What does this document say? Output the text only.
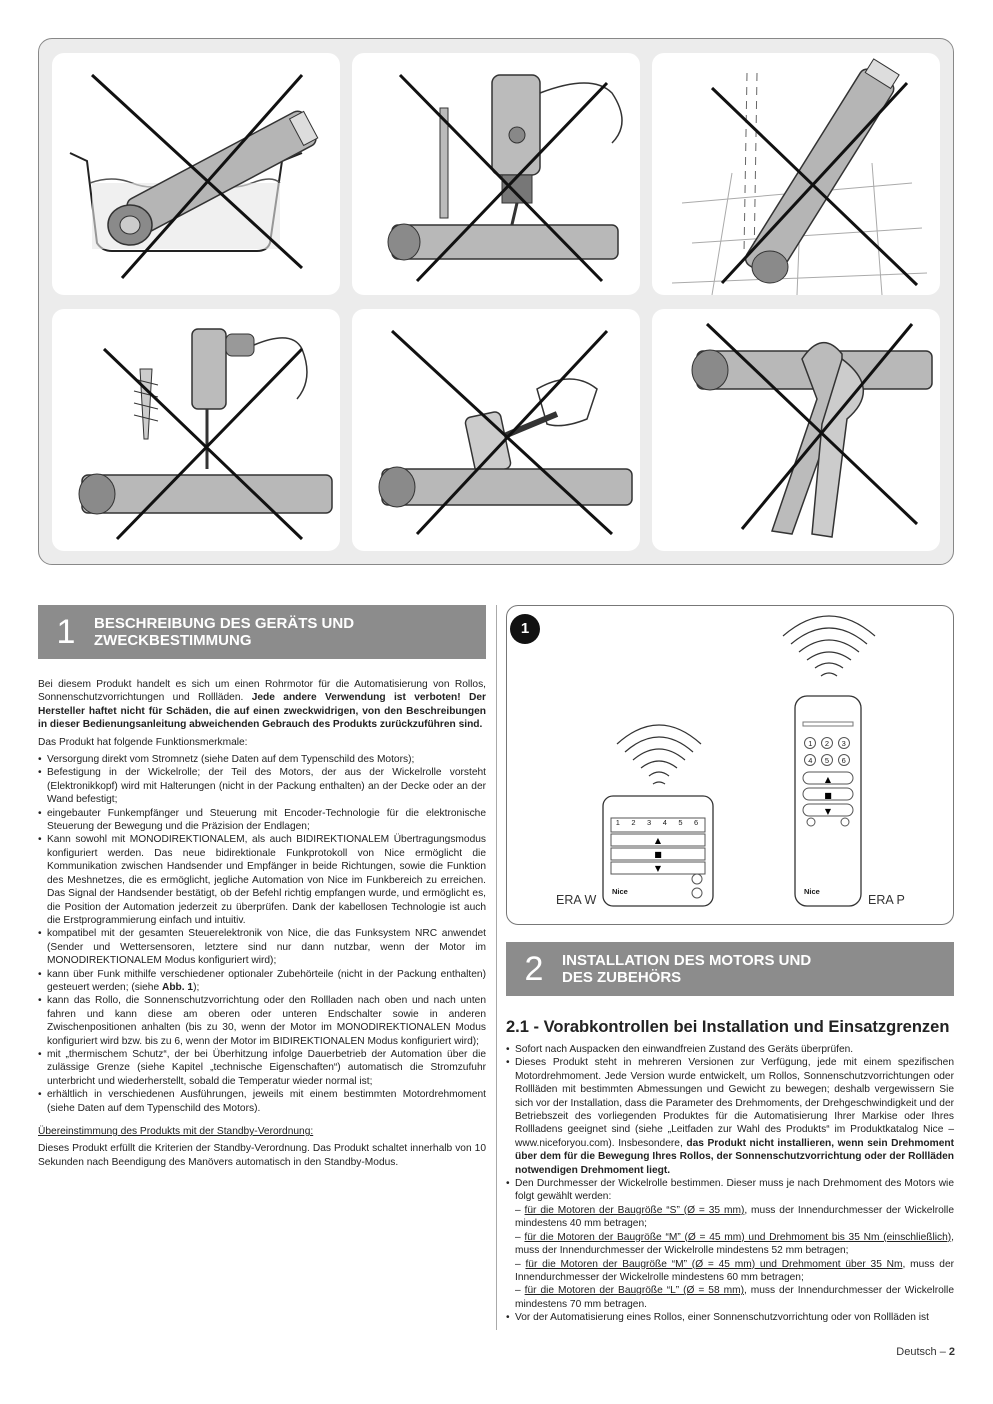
1	BESCHREIBUNG DES GERÄTS UND
ZWECKBESTIMMUNG

Bei diesem Produkt handelt es sich um einen Rohrmotor für die Automatisierung von Rollos, Sonnenschutzvorrichtungen und Rollläden. Jede andere Verwendung ist verboten! Der Hersteller haftet nicht für Schäden, die auf einen zweckwidrigen, von den Beschreibungen in dieser Bedienungsanleitung abweichenden Gebrauch des Produkts zurückzuführen sind.

Das Produkt hat folgende Funktionsmerkmale:

• Versorgung direkt vom Stromnetz (siehe Daten auf dem Typenschild des Motors);
• Befestigung in der Wickelrolle; der Teil des Motors, der aus der Wickelrolle vorsteht (Elektronikkopf) wird mit Halterungen (nicht in der Packung enthalten) an der Decke oder an der Wand befestigt;
• eingebauter Funkempfänger und Steuerung mit Encoder-Technologie für die elektronische Steuerung der Bewegung und die Präzision der Endlagen;
• Kann sowohl mit MONODIREKTIONALEM, als auch BIDIREKTIONALEM Übertragungsmodus konfiguriert werden. Das neue bidirektionale Funkprotokoll von Nice ermöglicht die Kommunikation zwischen Handsender und Empfänger in beide Richtungen, sowie die Funktion des Meshnetzes, die es ermöglicht, jegliche Automation von Nice im Funkbereich zu erreichen. Das Signal der Handsender bestätigt, ob der Befehl richtig empfangen wurde, und ermöglicht es, die Position der Automation jederzeit zu überprüfen. Dank der kabellosen Technologie ist auch die Erstprogrammierung einfach und intuitiv.
• kompatibel mit der gesamten Steuerelektronik von Nice, die das Funksystem NRC anwendet (Sender und Wettersensoren, letztere sind nur dann nutzbar, wenn der Motor im MONODIREKTIONALEM Modus konfiguriert wird);
• kann über Funk mithilfe verschiedener optionaler Zubehörteile (nicht in der Packung enthalten) gesteuert werden; (siehe Abb. 1);
• kann das Rollo, die Sonnenschutzvorrichtung oder den Rollladen nach oben und nach unten fahren und kann diese am oberen oder unteren Endschalter sowie in anderen Zwischenpositionen anhalten (bis zu 30, wenn der Motor im MONODIREKTIONALEN Modus konfiguriert wird bzw. bis zu 6, wenn der Motor im BIDIREKTIONALEN Modus konfiguriert wird);
• mit „thermischem Schutz“, der bei Überhitzung infolge Dauerbetrieb der Automation über die zulässige Grenze (siehe Kapitel „technische Eigenschaften“) automatisch die Stromzufuhr unterbricht und wiederherstellt, sobald die Temperatur wieder normal ist;
• erhältlich in verschiedenen Ausführungen, jeweils mit einem bestimmten Motordrehmoment (siehe Daten auf dem Typenschild des Motors).

Übereinstimmung des Produkts mit der Standby-Verordnung:

Dieses Produkt erfüllt die Kriterien der Standby-Verordnung. Das Produkt schaltet innerhalb von 10 Sekunden nach Beendigung des Manövers automatisch in den Standby-Modus.

▲
■
▼
▲
■
▼
1
1 2 3 4 5 6
1	2	3
4	5	6
Nice	Nice
ERA W	ERA P
2	INSTALLATION DES MOTORS UND
DES ZUBEHÖRS
2.1 - Vorabkontrollen bei Installation und Einsatzgrenzen
• Sofort nach Auspacken den einwandfreien Zustand des Geräts überprüfen.
• Dieses Produkt steht in mehreren Versionen zur Verfügung, jede mit einem spezifischen Motordrehmoment. Jede Version wurde entwickelt, um Rollos, Sonnenschutzvorrichtungen oder Rollläden mit bestimmten Abmessungen und Gewicht zu bewegen; deshalb vergewissern Sie sich vor der Installation, dass die Parameter des Drehmoments, der Drehgeschwindigkeit und der Betriebszeit des vorliegenden Produktes für die Automatisierung Ihrer Markise oder Ihres Rollladens geeignet sind (siehe „Leitfaden zur Wahl des Produkts“ im Produktkatalog Nice – www.niceforyou.com). Insbesondere, das Produkt nicht installieren, wenn sein Drehmoment über dem für die Bewegung Ihres Rollos, der Sonnenschutzvorrichtung oder der Rollläden notwendigen Drehmoment liegt.
• Den Durchmesser der Wickelrolle bestimmen. Dieser muss je nach Drehmoment des Motors wie folgt gewählt werden:
– für die Motoren der Baugröße “S” (Ø = 35 mm), muss der Innendurchmesser der Wickelrolle mindestens 40 mm betragen;
– für die Motoren der Baugröße “M” (Ø = 45 mm) und Drehmoment bis 35 Nm (einschließlich), muss der Innendurchmesser der Wickelrolle mindestens 52 mm betragen;
– für die Motoren der Baugröße “M” (Ø = 45 mm) und Drehmoment über 35 Nm, muss der Innendurchmesser der Wickelrolle mindestens 60 mm betragen;
– für die Motoren der Baugröße “L” (Ø = 58 mm), muss der Innendurchmesser der Wickelrolle mindestens 70 mm betragen.
• Vor der Automatisierung eines Rollos, einer Sonnenschutzvorrichtung oder von Rollläden ist
Deutsch – 2
